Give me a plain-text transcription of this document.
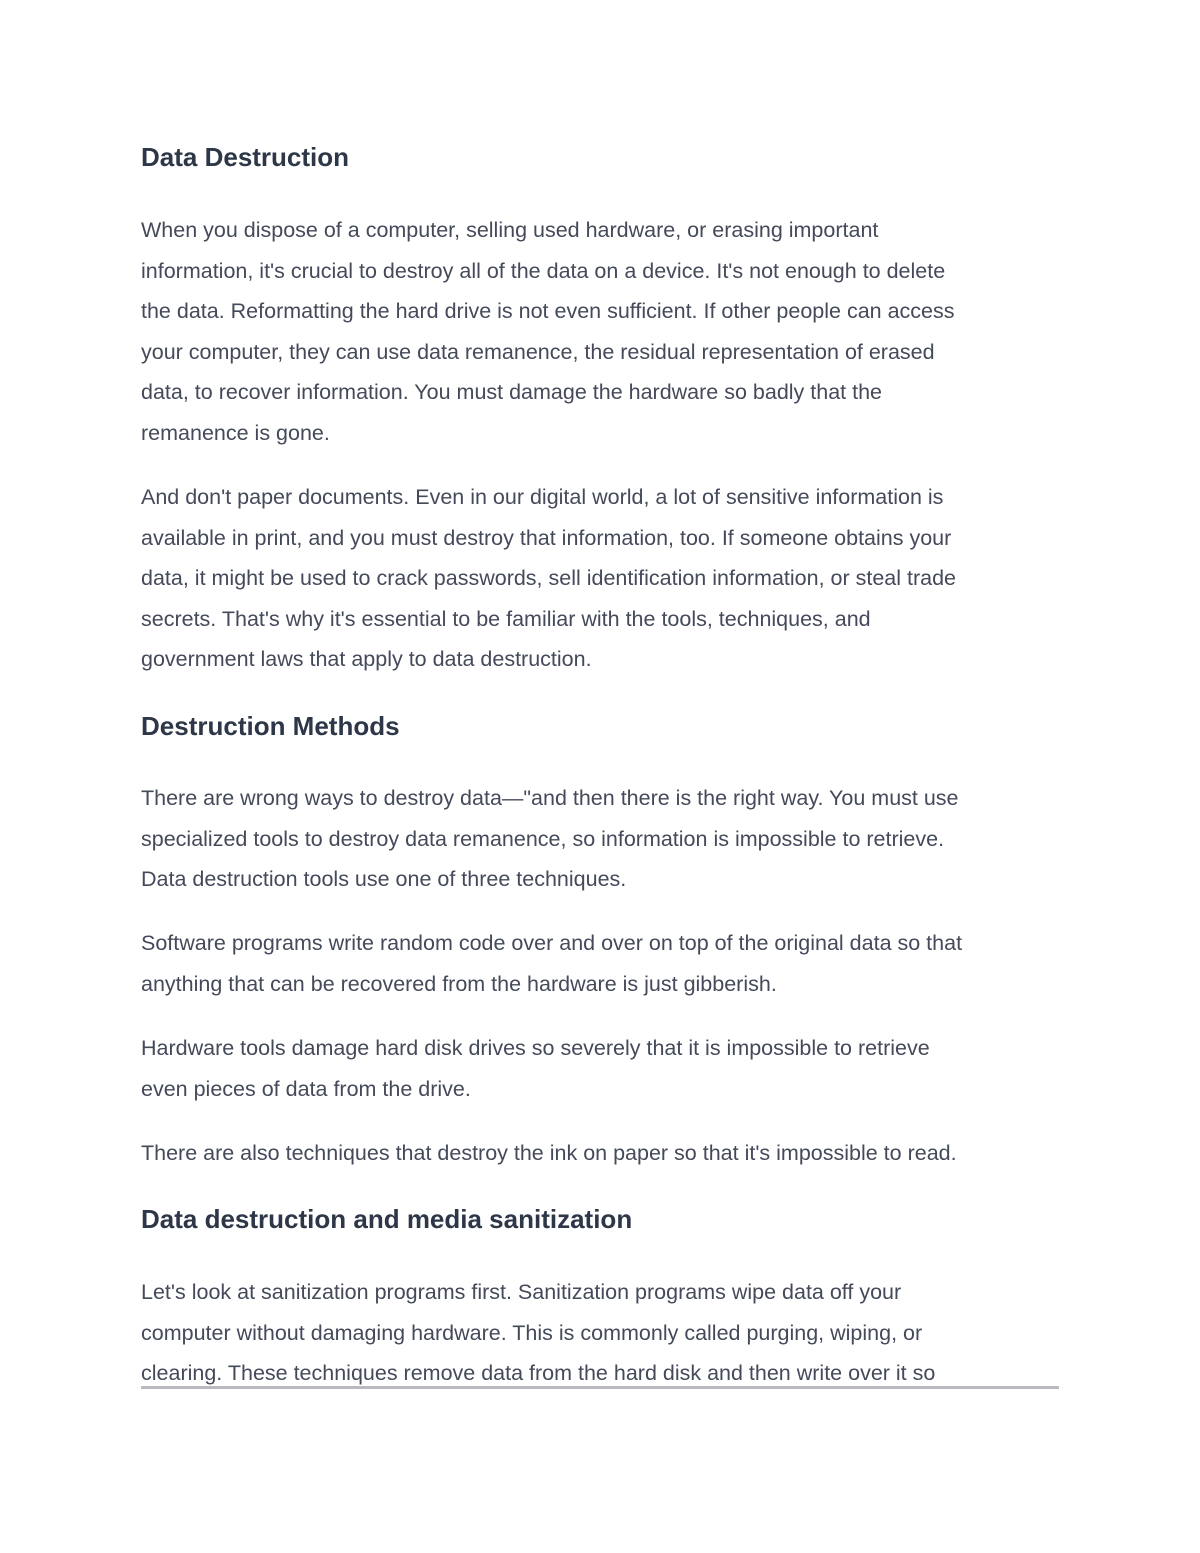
Data Destruction
When you dispose of a computer, selling used hardware, or erasing important
information, it's crucial to destroy all of the data on a device. It's not enough to delete
the data. Reformatting the hard drive is not even sufficient. If other people can access
your computer, they can use data remanence, the residual representation of erased
data, to recover information. You must damage the hardware so badly that the
remanence is gone.
And don't paper documents. Even in our digital world, a lot of sensitive information is
available in print, and you must destroy that information, too. If someone obtains your
data, it might be used to crack passwords, sell identification information, or steal trade
secrets. That's why it's essential to be familiar with the tools, techniques, and
government laws that apply to data destruction.
Destruction Methods
There are wrong ways to destroy data—"and then there is the right way. You must use
specialized tools to destroy data remanence, so information is impossible to retrieve.
Data destruction tools use one of three techniques.
Software programs write random code over and over on top of the original data so that
anything that can be recovered from the hardware is just gibberish.
Hardware tools damage hard disk drives so severely that it is impossible to retrieve
even pieces of data from the drive.
There are also techniques that destroy the ink on paper so that it's impossible to read.
Data destruction and media sanitization
Let's look at sanitization programs first. Sanitization programs wipe data off your
computer without damaging hardware. This is commonly called purging, wiping, or
clearing. These techniques remove data from the hard disk and then write over it so
